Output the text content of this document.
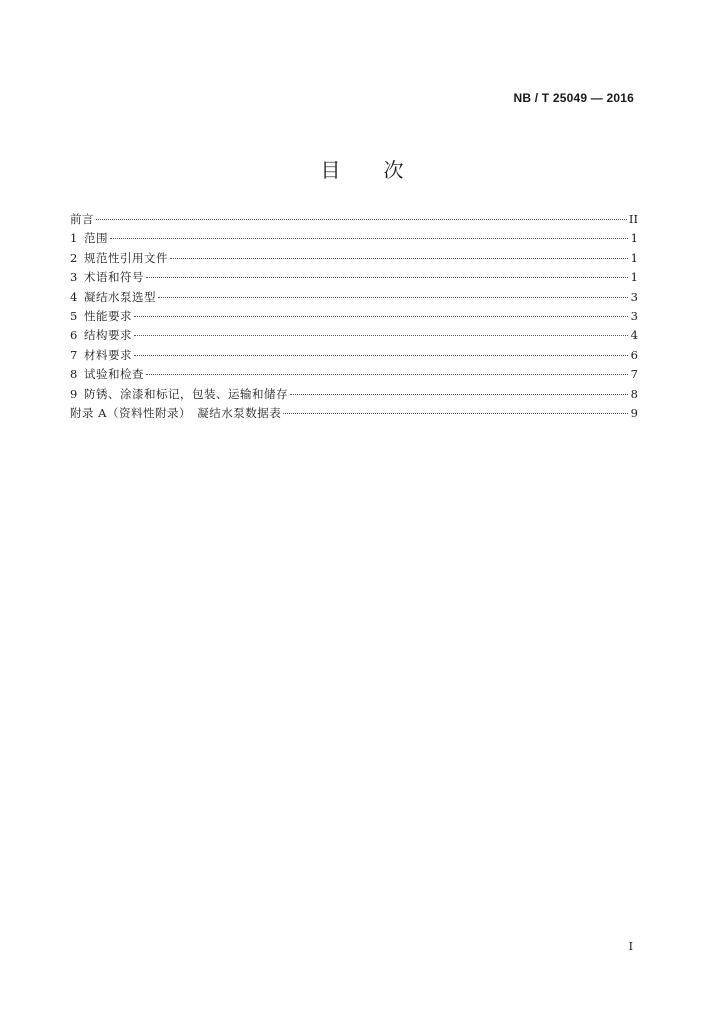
NB / T 25049 — 2016
目　　次
前言	II
1 范围	1
2 规范性引用文件	1
3 术语和符号	1
4 凝结水泵选型	3
5 性能要求	3
6 结构要求	4
7 材料要求	6
8 试验和检查	7
9 防锈、涂漆和标记，包装、运输和储存	8
附录 A（资料性附录）　凝结水泵数据表	9
I
